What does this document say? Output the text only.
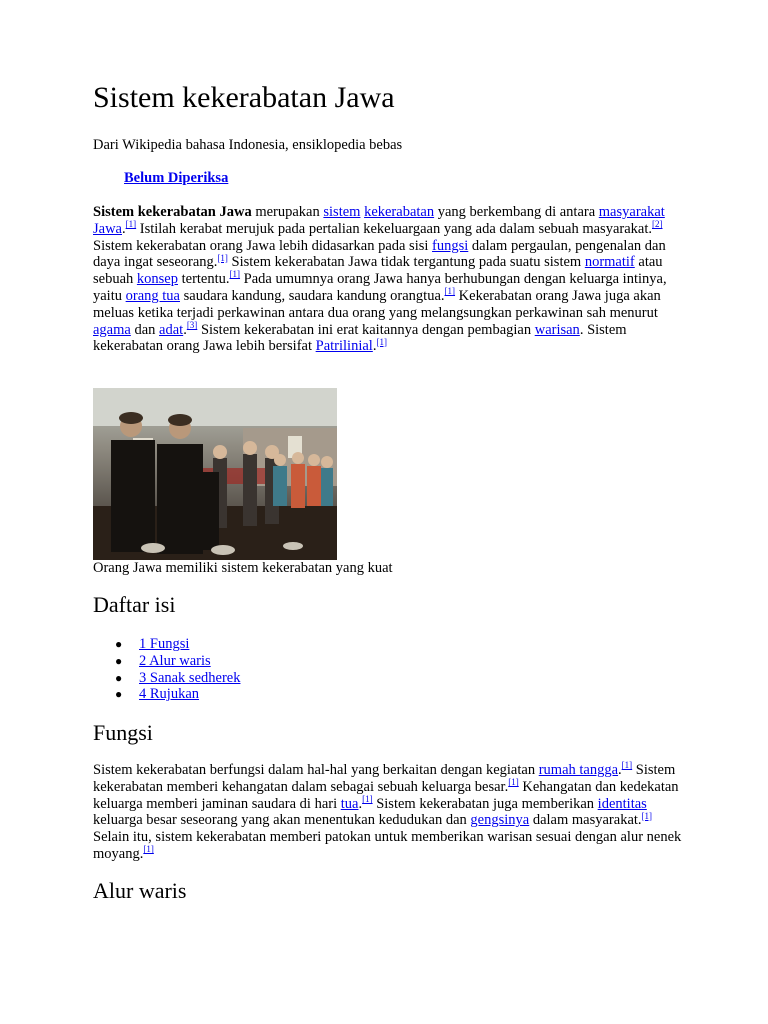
Sistem kekerabatan Jawa

Dari Wikipedia bahasa Indonesia, ensiklopedia bebas

Belum Diperiksa

Sistem kekerabatan Jawa merupakan sistem kekerabatan yang berkembang di antara masyarakat Jawa.[1] Istilah kerabat merujuk pada pertalian kekeluargaan yang ada dalam sebuah masyarakat.[2] Sistem kekerabatan orang Jawa lebih didasarkan pada sisi fungsi dalam pergaulan, pengenalan dan daya ingat seseorang.[1] Sistem kekerabatan Jawa tidak tergantung pada suatu sistem normatif atau sebuah konsep tertentu.[1] Pada umumnya orang Jawa hanya berhubungan dengan keluarga intinya, yaitu orang tua saudara kandung, saudara kandung orangtua.[1] Kekerabatan orang Jawa juga akan meluas ketika terjadi perkawinan antara dua orang yang melangsungkan perkawinan sah menurut agama dan adat.[3] Sistem kekerabatan ini erat kaitannya dengan pembagian warisan. Sistem kekerabatan orang Jawa lebih bersifat Patrilinial.[1]

Orang Jawa memiliki sistem kekerabatan yang kuat

Daftar isi
● 1 Fungsi
● 2 Alur waris
● 3 Sanak sedherek
● 4 Rujukan
Fungsi

Sistem kekerabatan berfungsi dalam hal-hal yang berkaitan dengan kegiatan rumah tangga.[1] Sistem kekerabatan memberi kehangatan dalam sebagai sebuah keluarga besar.[1] Kehangatan dan kedekatan keluarga memberi jaminan saudara di hari tua.[1] Sistem kekerabatan juga memberikan identitas keluarga besar seseorang yang akan menentukan kedudukan dan gengsinya dalam masyarakat.[1] Selain itu, sistem kekerabatan memberi patokan untuk memberikan warisan sesuai dengan alur nenek moyang.[1]

Alur waris
